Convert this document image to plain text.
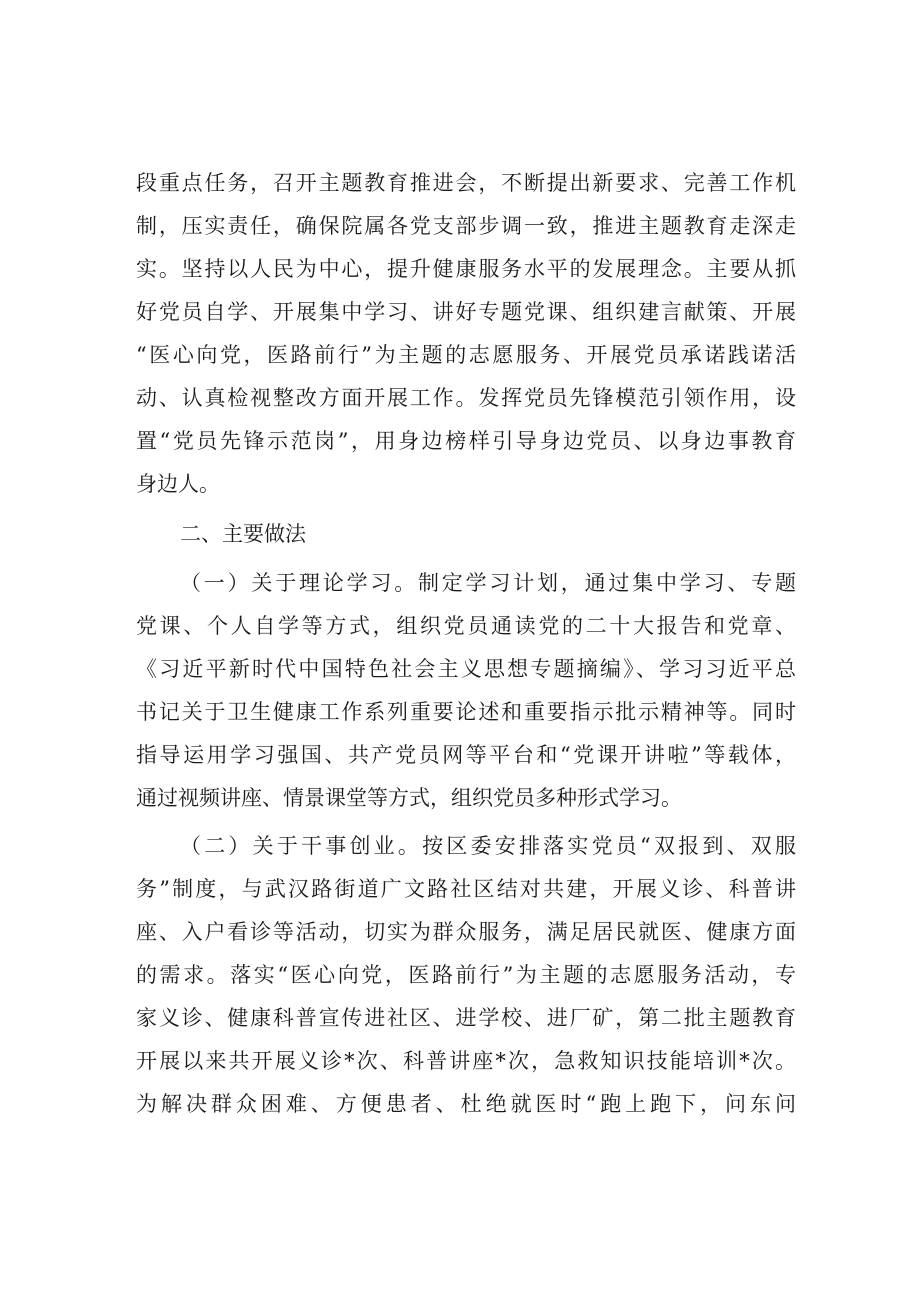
段重点任务，召开主题教育推进会，不断提出新要求、完善工作机
制，压实责任，确保院属各党支部步调一致，推进主题教育走深走
实。坚持以人民为中心，提升健康服务水平的发展理念。主要从抓
好党员自学、开展集中学习、讲好专题党课、组织建言献策、开展
“医心向党，医路前行”为主题的志愿服务、开展党员承诺践诺活
动、认真检视整改方面开展工作。发挥党员先锋模范引领作用，设
置“党员先锋示范岗”，用身边榜样引导身边党员、以身边事教育
身边人。
二、主要做法
（一）关于理论学习。制定学习计划，通过集中学习、专题
党课、个人自学等方式，组织党员通读党的二十大报告和党章、
《习近平新时代中国特色社会主义思想专题摘编》、学习习近平总
书记关于卫生健康工作系列重要论述和重要指示批示精神等。同时
指导运用学习强国、共产党员网等平台和“党课开讲啦”等载体，
通过视频讲座、情景课堂等方式，组织党员多种形式学习。
（二）关于干事创业。按区委安排落实党员“双报到、双服
务”制度，与武汉路街道广文路社区结对共建，开展义诊、科普讲
座、入户看诊等活动，切实为群众服务，满足居民就医、健康方面
的需求。落实“医心向党，医路前行”为主题的志愿服务活动，专
家义诊、健康科普宣传进社区、进学校、进厂矿，第二批主题教育
开展以来共开展义诊*次、科普讲座*次，急救知识技能培训*次。
为解决群众困难、方便患者、杜绝就医时“跑上跑下，问东问
